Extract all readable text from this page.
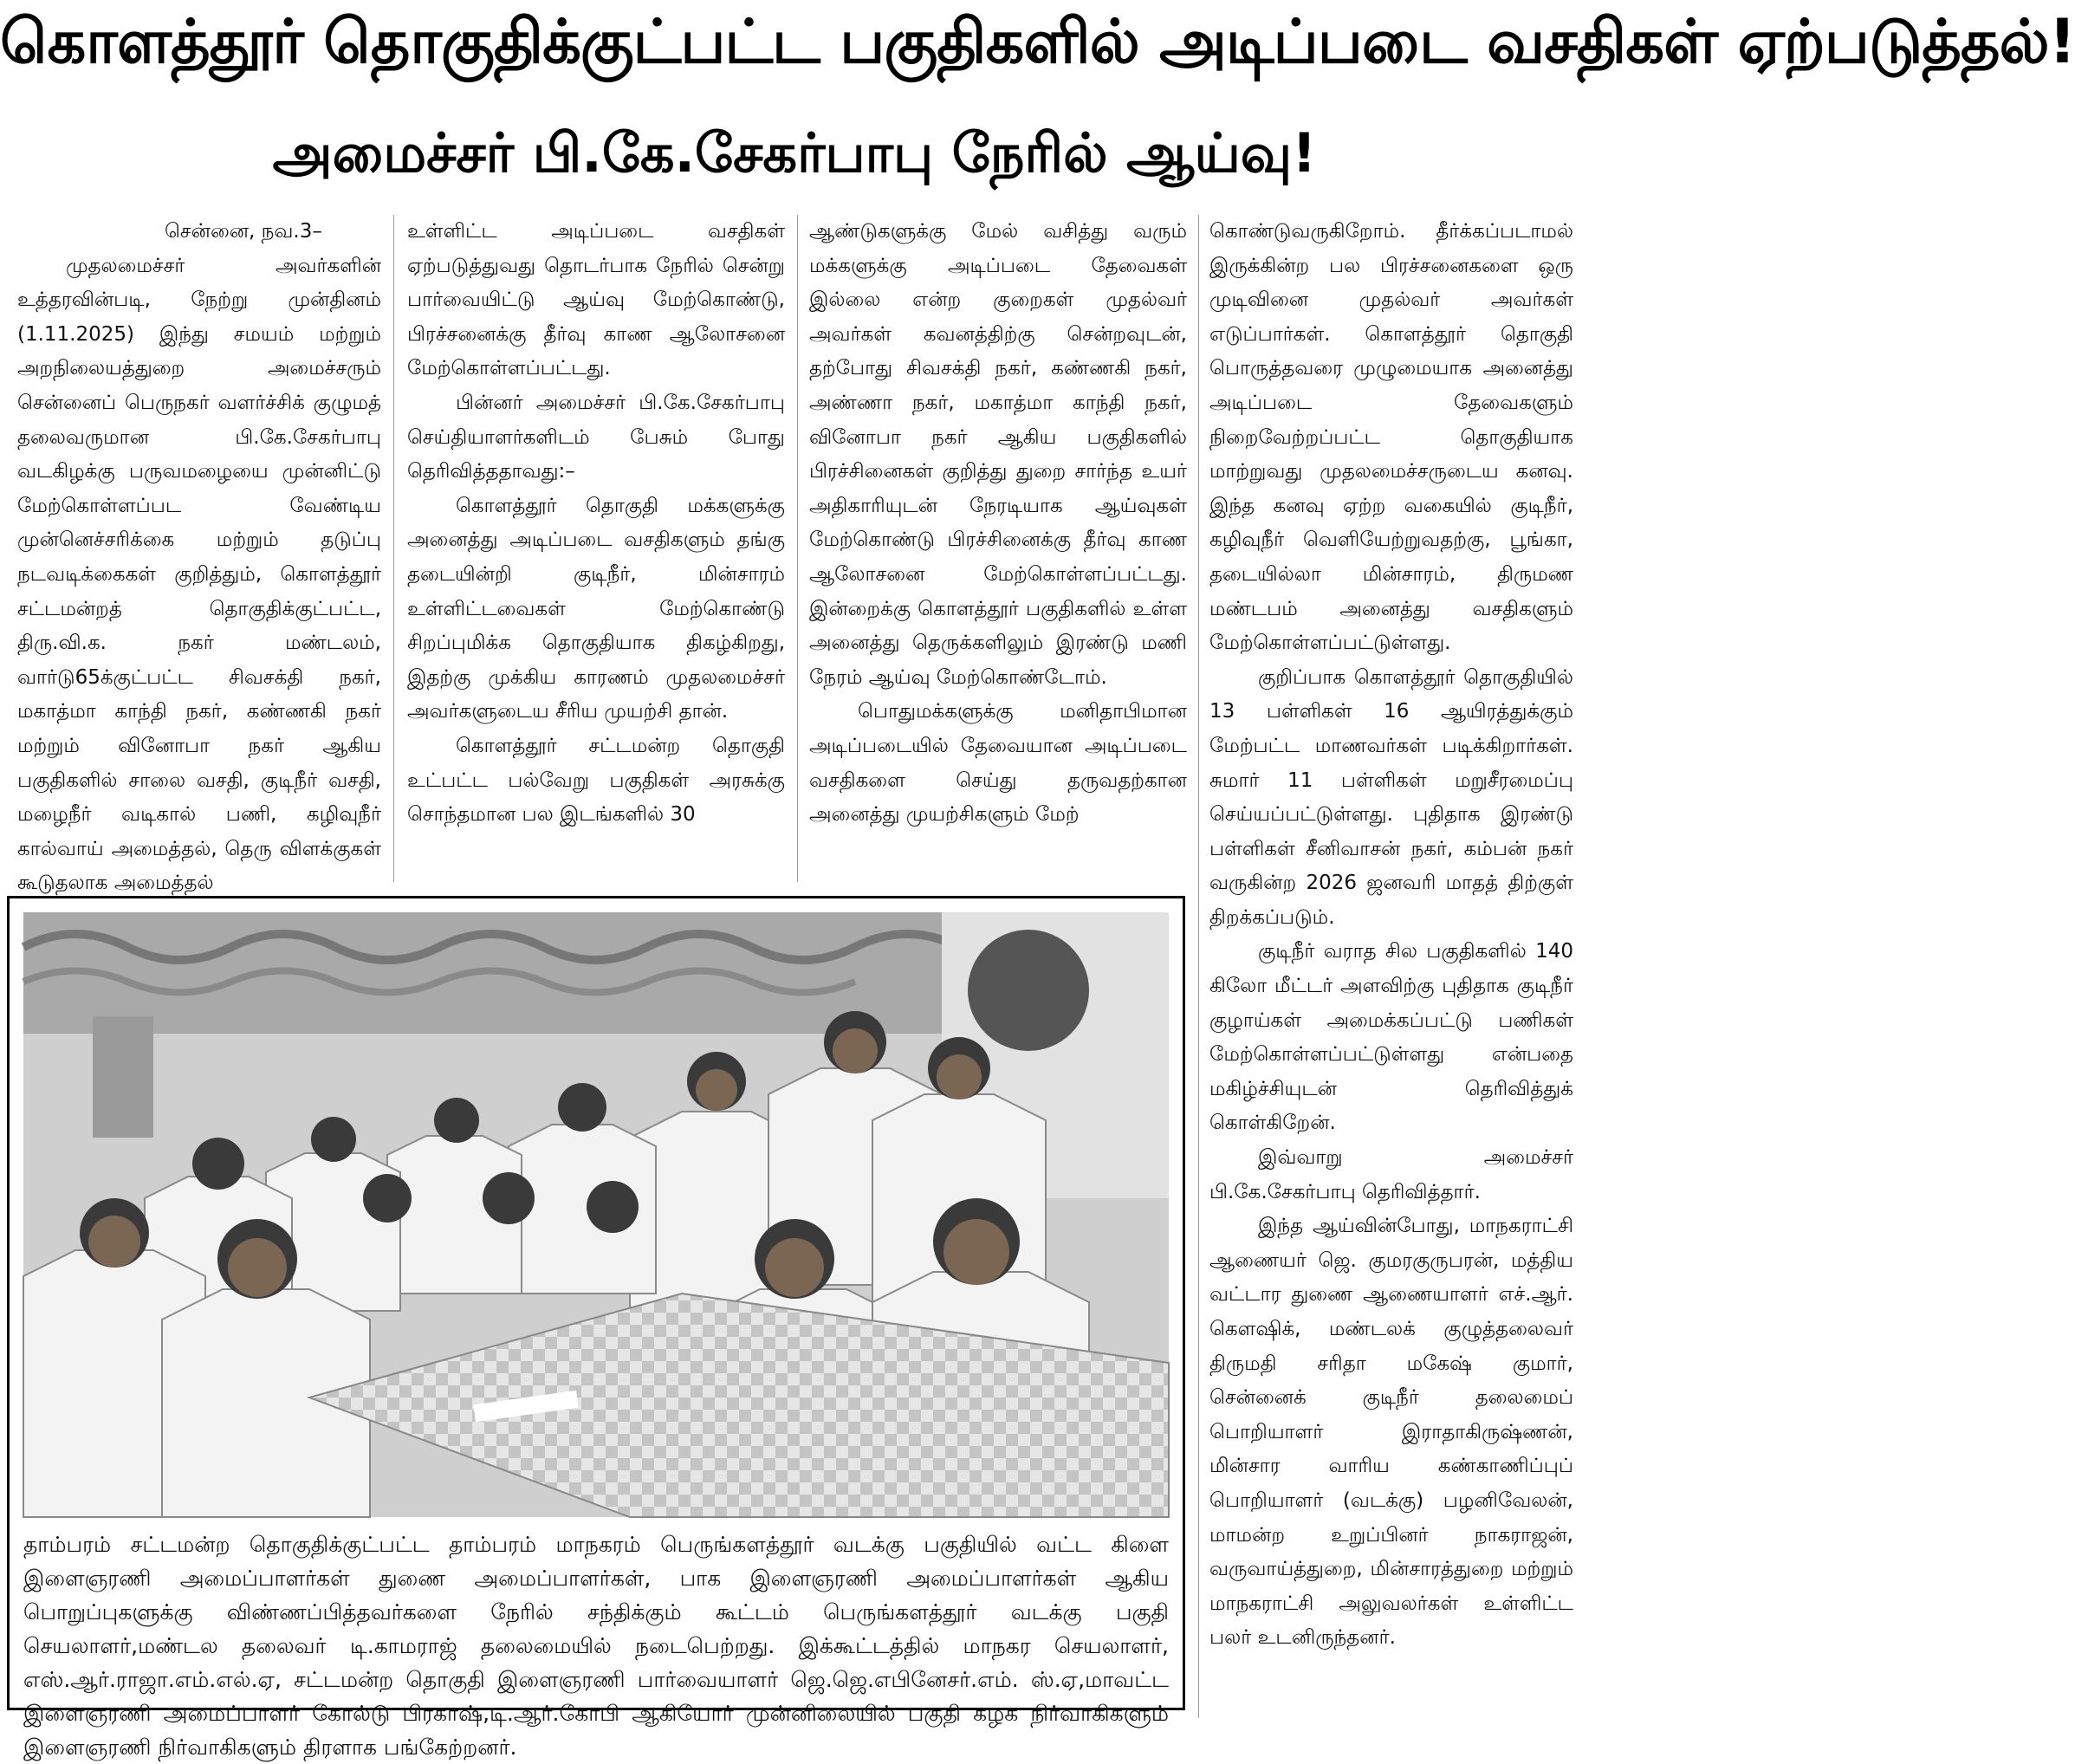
கொளத்தூர் தொகுதிக்குட்பட்ட பகுதிகளில் அடிப்படை வசதிகள் ஏற்படுத்தல்!
அமைச்சர் பி.கே.சேகர்பாபு நேரில் ஆய்வு!

சென்னை, நவ.3–

முதலமைச்சர் அவர்களின் உத்தரவின்படி, நேற்று முன்தினம் (1.11.2025) இந்து சமயம் மற்றும் அறநிலையத்துறை அமைச்சரும் சென்னைப் பெருநகர் வளர்ச்சிக் குழுமத் தலைவருமான பி.கே.சேகர்பாபு வடகிழக்கு பருவமழையை முன்னிட்டு மேற்கொள்ளப்பட வேண்டிய முன்னெச்சரிக்கை மற்றும் தடுப்பு நடவடிக்கைகள் குறித்தும், கொளத்தூர் சட்டமன்றத் தொகுதிக்குட்பட்ட, திரு.வி.க. நகர் மண்டலம், வார்டு65க்குட்பட்ட சிவசக்தி நகர், மகாத்மா காந்தி நகர், கண்ணகி நகர் மற்றும் வினோபா நகர் ஆகிய பகுதிகளில் சாலை வசதி, குடிநீர் வசதி, மழைநீர் வடிகால் பணி, கழிவுநீர் கால்வாய் அமைத்தல், தெரு விளக்குகள் கூடுதலாக அமைத்தல்

உள்ளிட்ட அடிப்படை வசதிகள் ஏற்படுத்துவது தொடர்பாக நேரில் சென்று பார்வையிட்டு ஆய்வு மேற்கொண்டு, பிரச்சனைக்கு தீர்வு காண ஆலோசனை மேற்கொள்ளப்பட்டது.

பின்னர் அமைச்சர் பி.கே.சேகர்பாபு செய்தியாளர்களிடம் பேசும் போது தெரிவித்ததாவது:–

கொளத்தூர் தொகுதி மக்களுக்கு அனைத்து அடிப்படை வசதிகளும் தங்கு தடையின்றி குடிநீர், மின்சாரம் உள்ளிட்டவைகள் மேற்கொண்டு சிறப்புமிக்க தொகுதியாக திகழ்கிறது, இதற்கு முக்கிய காரணம் முதலமைச்சர் அவர்களுடைய சீரிய முயற்சி தான்.

கொளத்தூர் சட்டமன்ற தொகுதி உட்பட்ட பல்வேறு பகுதிகள் அரசுக்கு சொந்தமான பல இடங்களில் 30

ஆண்டுகளுக்கு மேல் வசித்து வரும் மக்களுக்கு அடிப்படை தேவைகள் இல்லை என்ற குறைகள் முதல்வர் அவர்கள் கவனத்திற்கு சென்றவுடன், தற்போது சிவசக்தி நகர், கண்ணகி நகர், அண்ணா நகர், மகாத்மா காந்தி நகர், வினோபா நகர் ஆகிய பகுதிகளில் பிரச்சினைகள் குறித்து துறை சார்ந்த உயர் அதிகாரியுடன் நேரடியாக ஆய்வுகள் மேற்கொண்டு பிரச்சினைக்கு தீர்வு காண ஆலோசனை மேற்கொள்ளப்பட்டது. இன்றைக்கு கொளத்தூர் பகுதிகளில் உள்ள அனைத்து தெருக்களிலும் இரண்டு மணி நேரம் ஆய்வு மேற்கொண்டோம்.

பொதுமக்களுக்கு மனிதாபிமான அடிப்படையில் தேவையான அடிப்படை வசதிகளை செய்து தருவதற்கான அனைத்து முயற்சிகளும் மேற்

கொண்டுவருகிறோம். தீர்க்கப்படாமல் இருக்கின்ற பல பிரச்சனைகளை ஒரு முடிவினை முதல்வர் அவர்கள் எடுப்பார்கள். கொளத்தூர் தொகுதி பொருத்தவரை முழுமையாக அனைத்து அடிப்படை தேவைகளும் நிறைவேற்றப்பட்ட தொகுதியாக மாற்றுவது முதலமைச்சருடைய கனவு. இந்த கனவு ஏற்ற வகையில் குடிநீர், கழிவுநீர் வெளியேற்றுவதற்கு, பூங்கா, தடையில்லா மின்சாரம், திருமண மண்டபம் அனைத்து வசதிகளும் மேற்கொள்ளப்பட்டுள்ளது.

குறிப்பாக கொளத்தூர் தொகுதியில் 13 பள்ளிகள் 16 ஆயிரத்துக்கும் மேற்பட்ட மாணவர்கள் படிக்கிறார்கள். சுமார் 11 பள்ளிகள் மறுசீரமைப்பு செய்யப்பட்டுள்ளது. புதிதாக இரண்டு பள்ளிகள் சீனிவாசன் நகர், கம்பன் நகர் வருகின்ற 2026 ஜனவரி மாதத் திற்குள் திறக்கப்படும்.

குடிநீர் வராத சில பகுதிகளில் 140 கிலோ மீட்டர் அளவிற்கு புதிதாக குடிநீர் குழாய்கள் அமைக்கப்பட்டு பணிகள் மேற்கொள்ளப்பட்டுள்ளது என்பதை மகிழ்ச்சியுடன் தெரிவித்துக் கொள்கிறேன்.

இவ்வாறு அமைச்சர் பி.கே.சேகர்பாபு தெரிவித்தார்.

இந்த ஆய்வின்போது, மாநகராட்சி ஆணையர் ஜெ. குமரகுருபரன், மத்திய வட்டார துணை ஆணையாளர் எச்.ஆர். கௌஷிக், மண்டலக் குழுத்தலைவர் திருமதி சரிதா மகேஷ் குமார், சென்னைக் குடிநீர் தலைமைப் பொறியாளர் இராதாகிருஷ்ணன், மின்சார வாரிய கண்காணிப்புப் பொறியாளர் (வடக்கு) பழனிவேலன், மாமன்ற உறுப்பினர் நாகராஜன், வருவாய்த்துறை, மின்சாரத்துறை மற்றும் மாநகராட்சி அலுவலர்கள் உள்ளிட்ட பலர் உடனிருந்தனர்.

தாம்பரம் சட்டமன்ற தொகுதிக்குட்பட்ட தாம்பரம் மாநகரம் பெருங்களத்தூர் வடக்கு பகுதியில் வட்ட கிளை இளைஞரணி அமைப்பாளர்கள் துணை அமைப்பாளர்கள், பாக இளைஞரணி அமைப்பாளர்கள் ஆகிய பொறுப்புகளுக்கு விண்ணப்பித்தவர்களை நேரில் சந்திக்கும் கூட்டம் பெருங்களத்தூர் வடக்கு பகுதி செயலாளர்,மண்டல தலைவர் டி.காமராஜ் தலைமையில் நடைபெற்றது. இக்கூட்டத்தில் மாநகர செயலாளர், எஸ்.ஆர்.ராஜா.எம்.எல்.ஏ, சட்டமன்ற தொகுதி இளைஞரணி பார்வையாளர் ஜெ.ஜெ.எபினேசர்.எம். ஸ்.ஏ,மாவட்ட இளைஞரணி அமைப்பாளர் கோல்டு பிரகாஷ்,டி.ஆர்.கோபி ஆகியோர் முன்னிலையில் பகுதி கழக நிர்வாகிகளும் இளைஞரணி நிர்வாகிகளும் திரளாக பங்கேற்றனர்.
